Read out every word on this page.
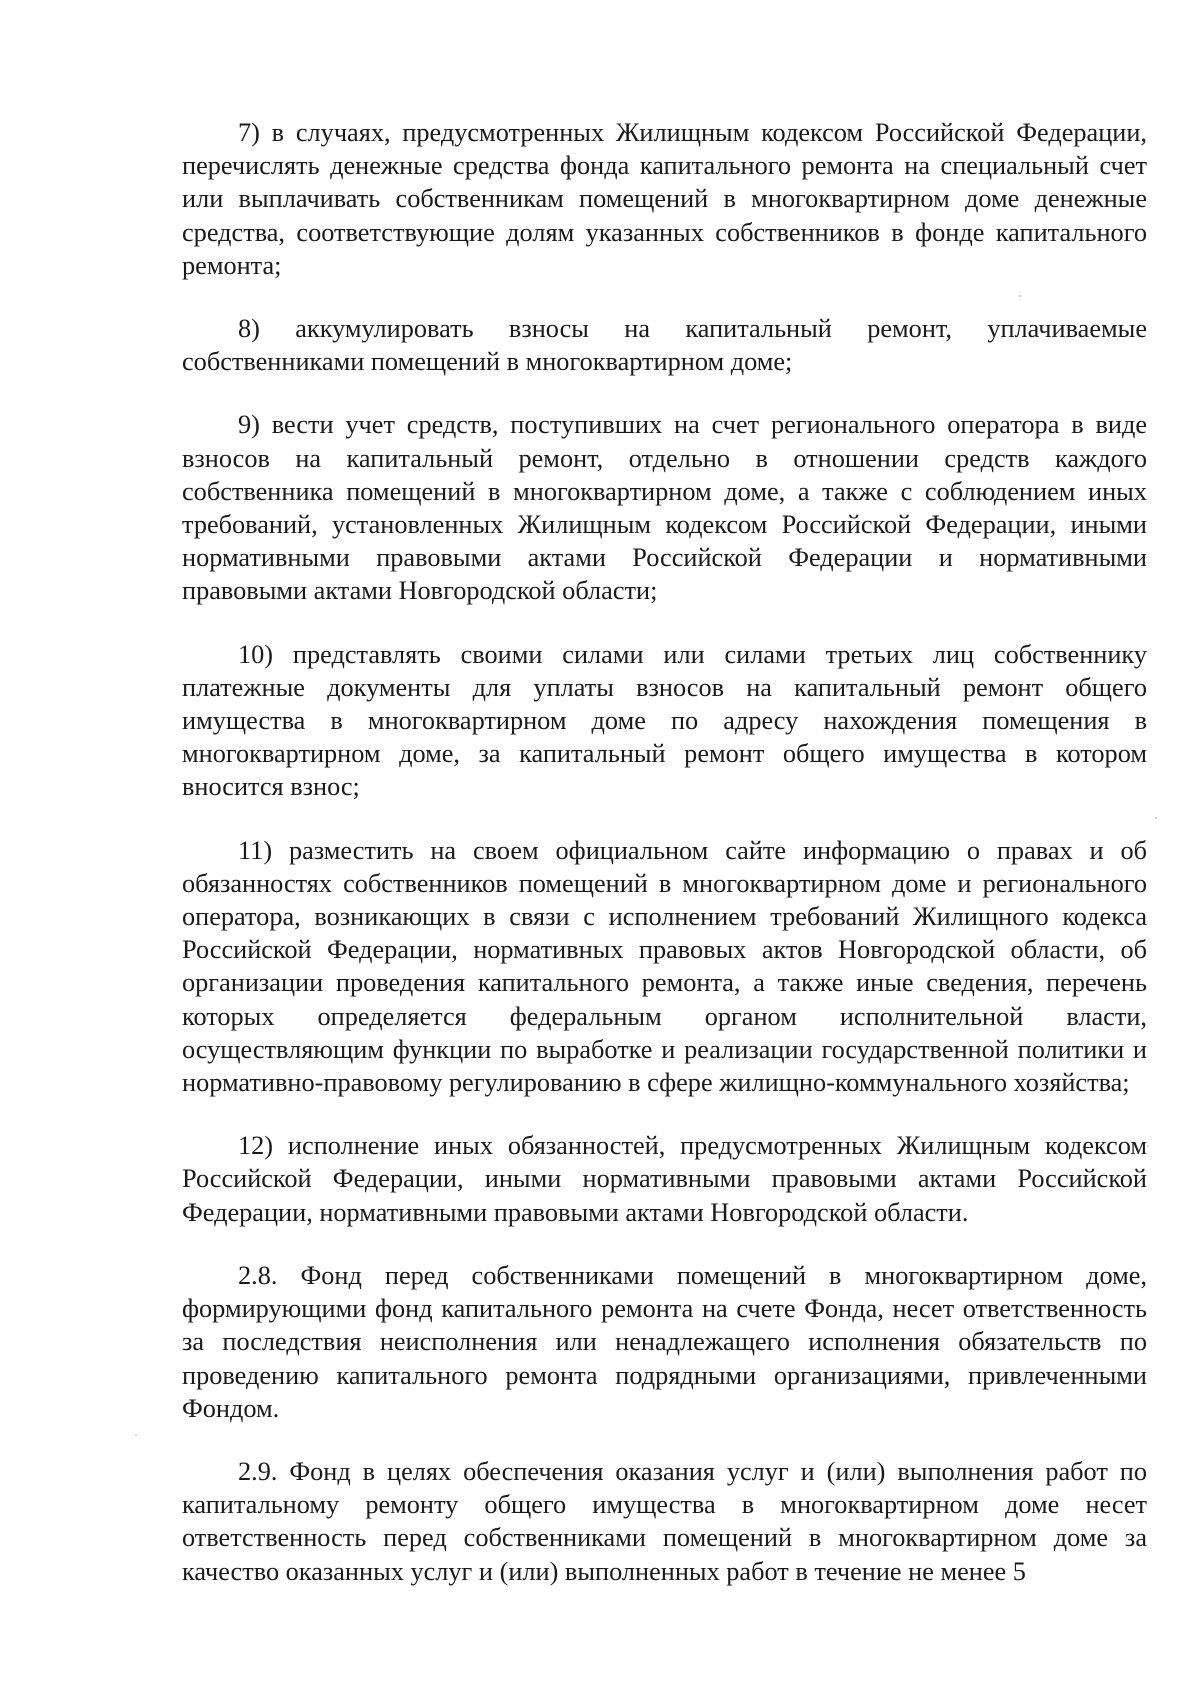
7) в случаях, предусмотренных Жилищным кодексом Российской Федерации, перечислять денежные средства фонда капитального ремонта на специальный счет или выплачивать собственникам помещений в многоквартирном доме денежные средства, соответствующие долям указанных собственников в фонде капитального ремонта;

8) аккумулировать взносы на капитальный ремонт, уплачиваемые собственниками помещений в многоквартирном доме;

9) вести учет средств, поступивших на счет регионального оператора в виде взносов на капитальный ремонт, отдельно в отношении средств каждого собственника помещений в многоквартирном доме, а также с соблюдением иных требований, установленных Жилищным кодексом Российской Федерации, иными нормативными правовыми актами Российской Федерации и нормативными правовыми актами Новгородской области;

10) представлять своими силами или силами третьих лиц собственнику платежные документы для уплаты взносов на капитальный ремонт общего имущества в многоквартирном доме по адресу нахождения помещения в многоквартирном доме, за капитальный ремонт общего имущества в котором вносится взнос;

11) разместить на своем официальном сайте информацию о правах и об обязанностях собственников помещений в многоквартирном доме и регионального оператора, возникающих в связи с исполнением требований Жилищного кодекса Российской Федерации, нормативных правовых актов Новгородской области, об организации проведения капитального ремонта, а также иные сведения, перечень которых определяется федеральным органом исполнительной власти, осуществляющим функции по выработке и реализации государственной политики и нормативно-правовому регулированию в сфере жилищно-коммунального хозяйства;

12) исполнение иных обязанностей, предусмотренных Жилищным кодексом Российской Федерации, иными нормативными правовыми актами Российской Федерации, нормативными правовыми актами Новгородской области.

2.8. Фонд перед собственниками помещений в многоквартирном доме, формирующими фонд капитального ремонта на счете Фонда, несет ответственность за последствия неисполнения или ненадлежащего исполнения обязательств по проведению капитального ремонта подрядными организациями, привлеченными Фондом.

2.9. Фонд в целях обеспечения оказания услуг и (или) выполнения работ по капитальному ремонту общего имущества в многоквартирном доме несет ответственность перед собственниками помещений в многоквартирном доме за качество оказанных услуг и (или) выполненных работ в течение не менее 5
